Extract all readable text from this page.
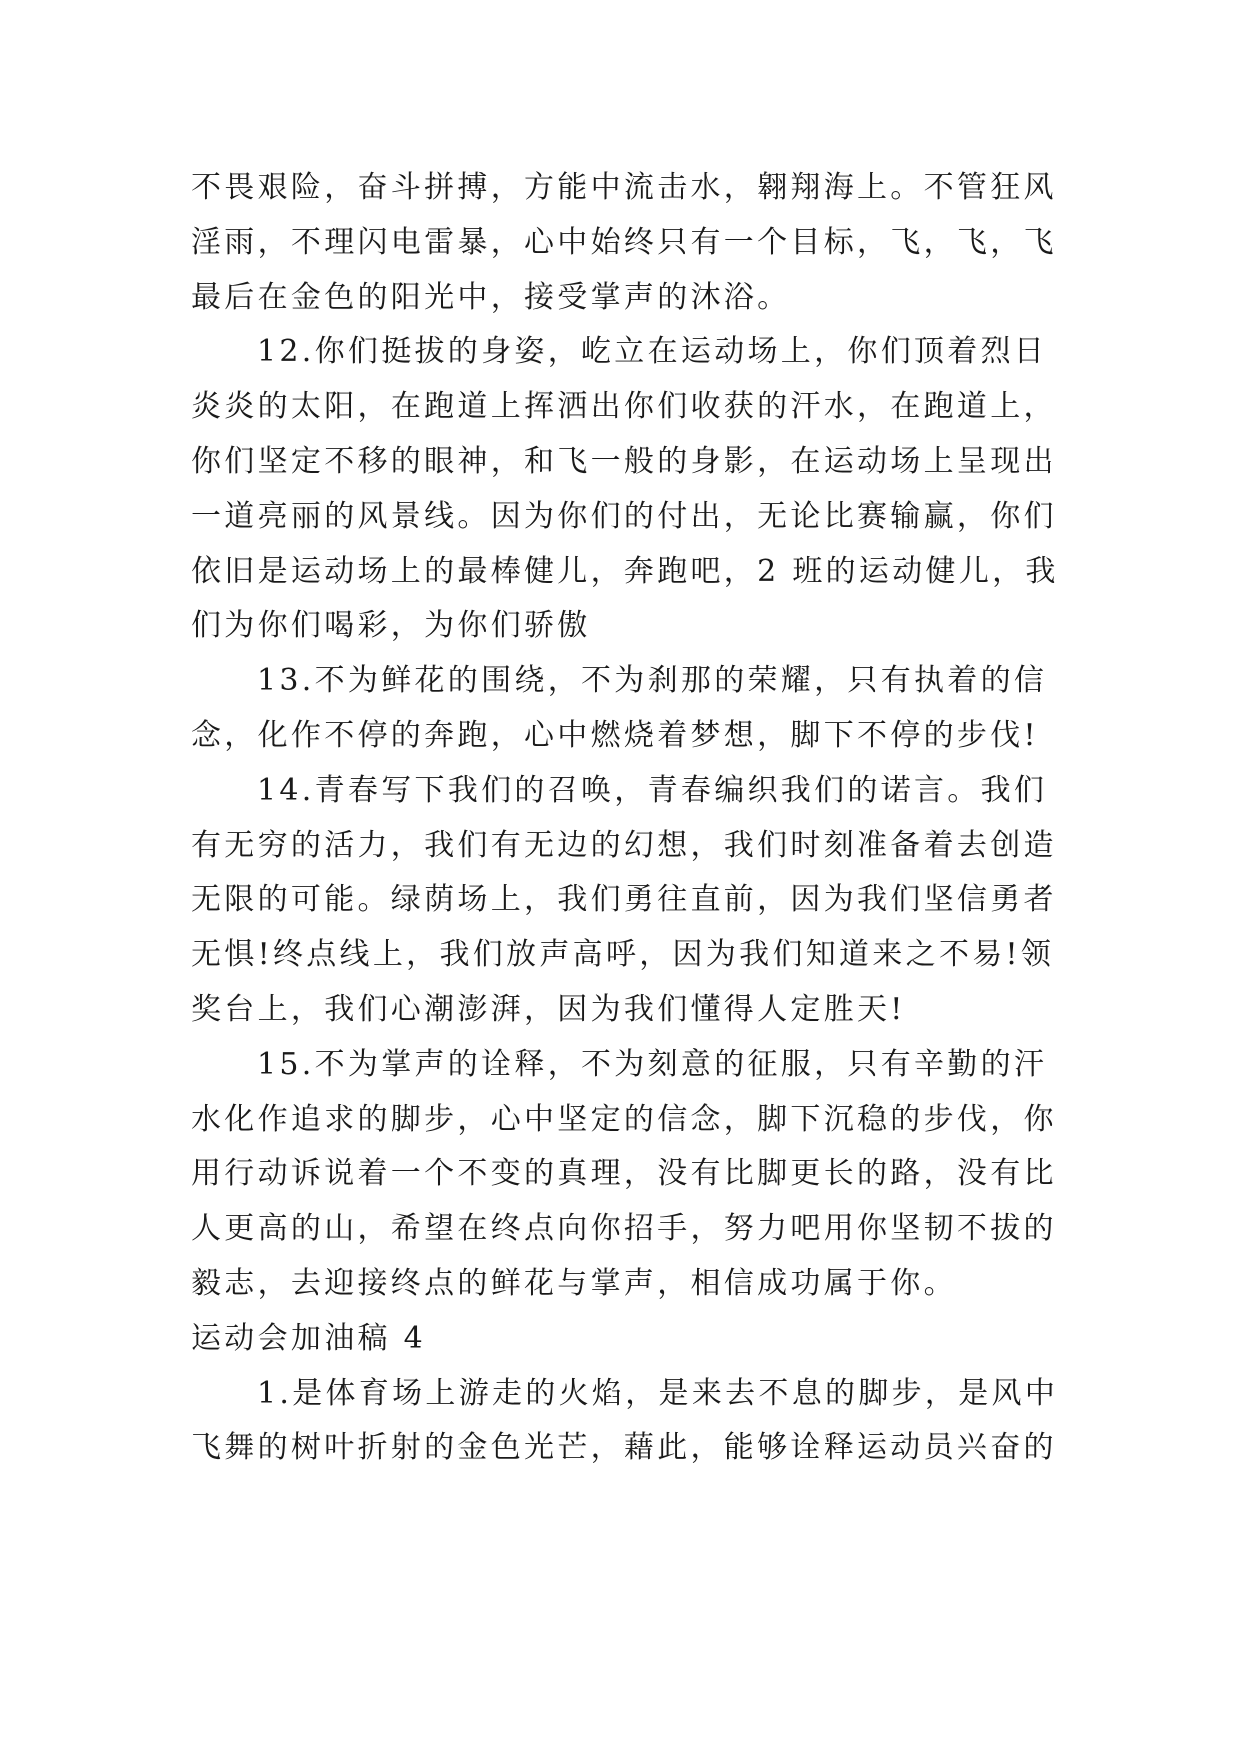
不畏艰险，奋斗拼搏，方能中流击水，翱翔海上。不管狂风
淫雨，不理闪电雷暴，心中始终只有一个目标，飞，飞，飞
最后在金色的阳光中，接受掌声的沐浴。
12.你们挺拔的身姿，屹立在运动场上，你们顶着烈日
炎炎的太阳，在跑道上挥洒出你们收获的汗水，在跑道上，
你们坚定不移的眼神，和飞一般的身影，在运动场上呈现出
一道亮丽的风景线。因为你们的付出，无论比赛输赢，你们
依旧是运动场上的最棒健儿，奔跑吧，2 班的运动健儿，我
们为你们喝彩，为你们骄傲
13.不为鲜花的围绕，不为刹那的荣耀，只有执着的信
念，化作不停的奔跑，心中燃烧着梦想，脚下不停的步伐!
14.青春写下我们的召唤，青春编织我们的诺言。我们
有无穷的活力，我们有无边的幻想，我们时刻准备着去创造
无限的可能。绿荫场上，我们勇往直前，因为我们坚信勇者
无惧!终点线上，我们放声高呼，因为我们知道来之不易!领
奖台上，我们心潮澎湃，因为我们懂得人定胜天!
15.不为掌声的诠释，不为刻意的征服，只有辛勤的汗
水化作追求的脚步，心中坚定的信念，脚下沉稳的步伐，你
用行动诉说着一个不变的真理，没有比脚更长的路，没有比
人更高的山，希望在终点向你招手，努力吧用你坚韧不拔的
毅志，去迎接终点的鲜花与掌声，相信成功属于你。
运动会加油稿 4
1.是体育场上游走的火焰，是来去不息的脚步，是风中
飞舞的树叶折射的金色光芒，藉此，能够诠释运动员兴奋的
